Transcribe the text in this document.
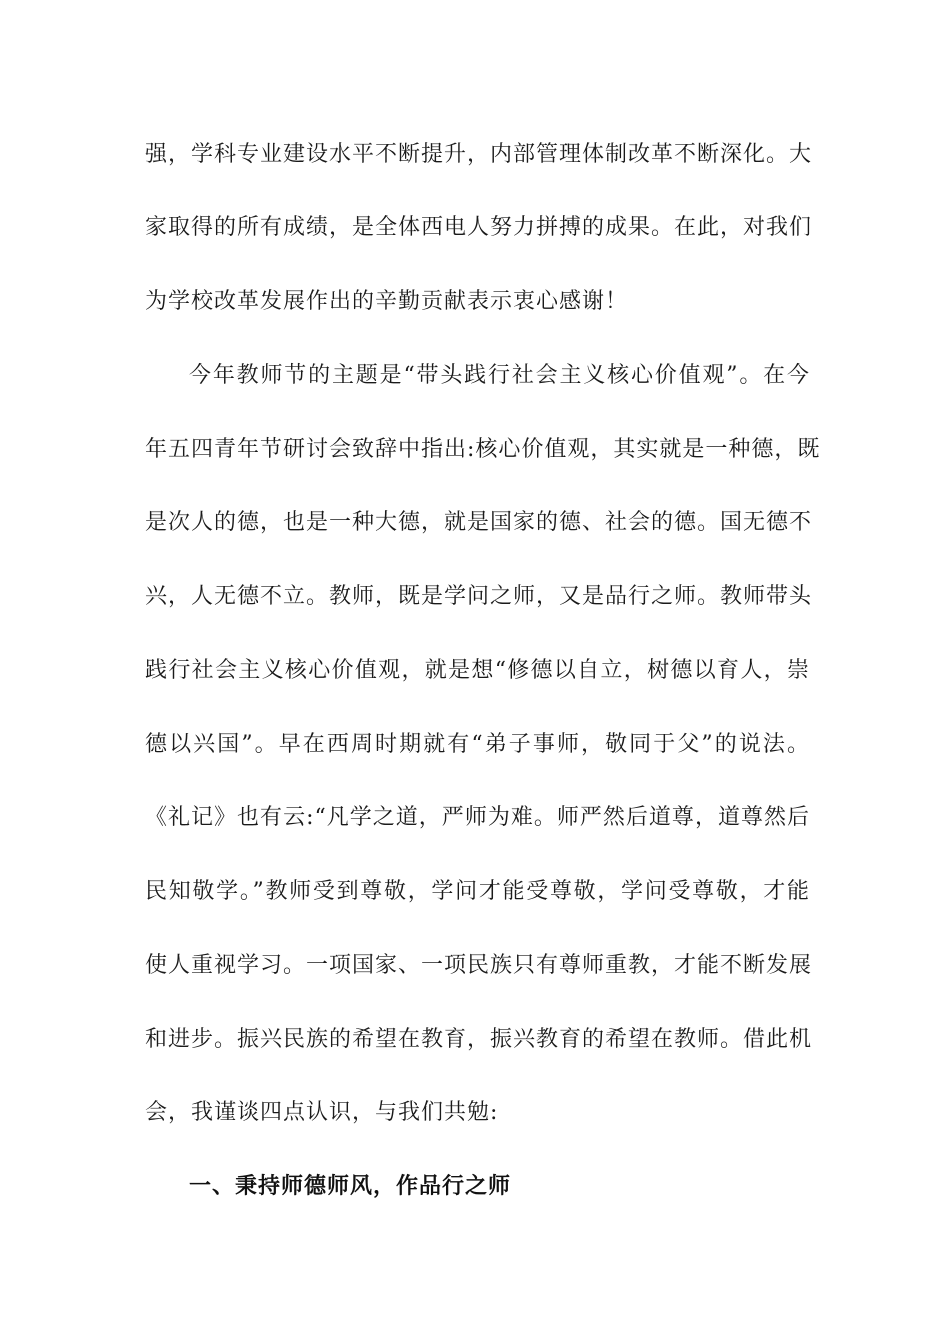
强，学科专业建设水平不断提升，内部管理体制改革不断深化。大
家取得的所有成绩，是全体西电人努力拼搏的成果。在此，对我们
为学校改革发展作出的辛勤贡献表示衷心感谢！
今年教师节的主题是“带头践行社会主义核心价值观”。在今
年五四青年节研讨会致辞中指出:核心价值观，其实就是一种德，既
是次人的德，也是一种大德，就是国家的德、社会的德。国无德不
兴，人无德不立。教师，既是学问之师，又是品行之师。教师带头
践行社会主义核心价值观，就是想“修德以自立，树德以育人，崇
德以兴国”。早在西周时期就有“弟子事师，敬同于父”的说法。
《礼记》也有云:“凡学之道，严师为难。师严然后道尊，道尊然后
民知敬学。”教师受到尊敬，学问才能受尊敬，学问受尊敬，才能
使人重视学习。一项国家、一项民族只有尊师重教，才能不断发展
和进步。振兴民族的希望在教育，振兴教育的希望在教师。借此机
会，我谨谈四点认识，与我们共勉:
一、秉持师德师风，作品行之师
